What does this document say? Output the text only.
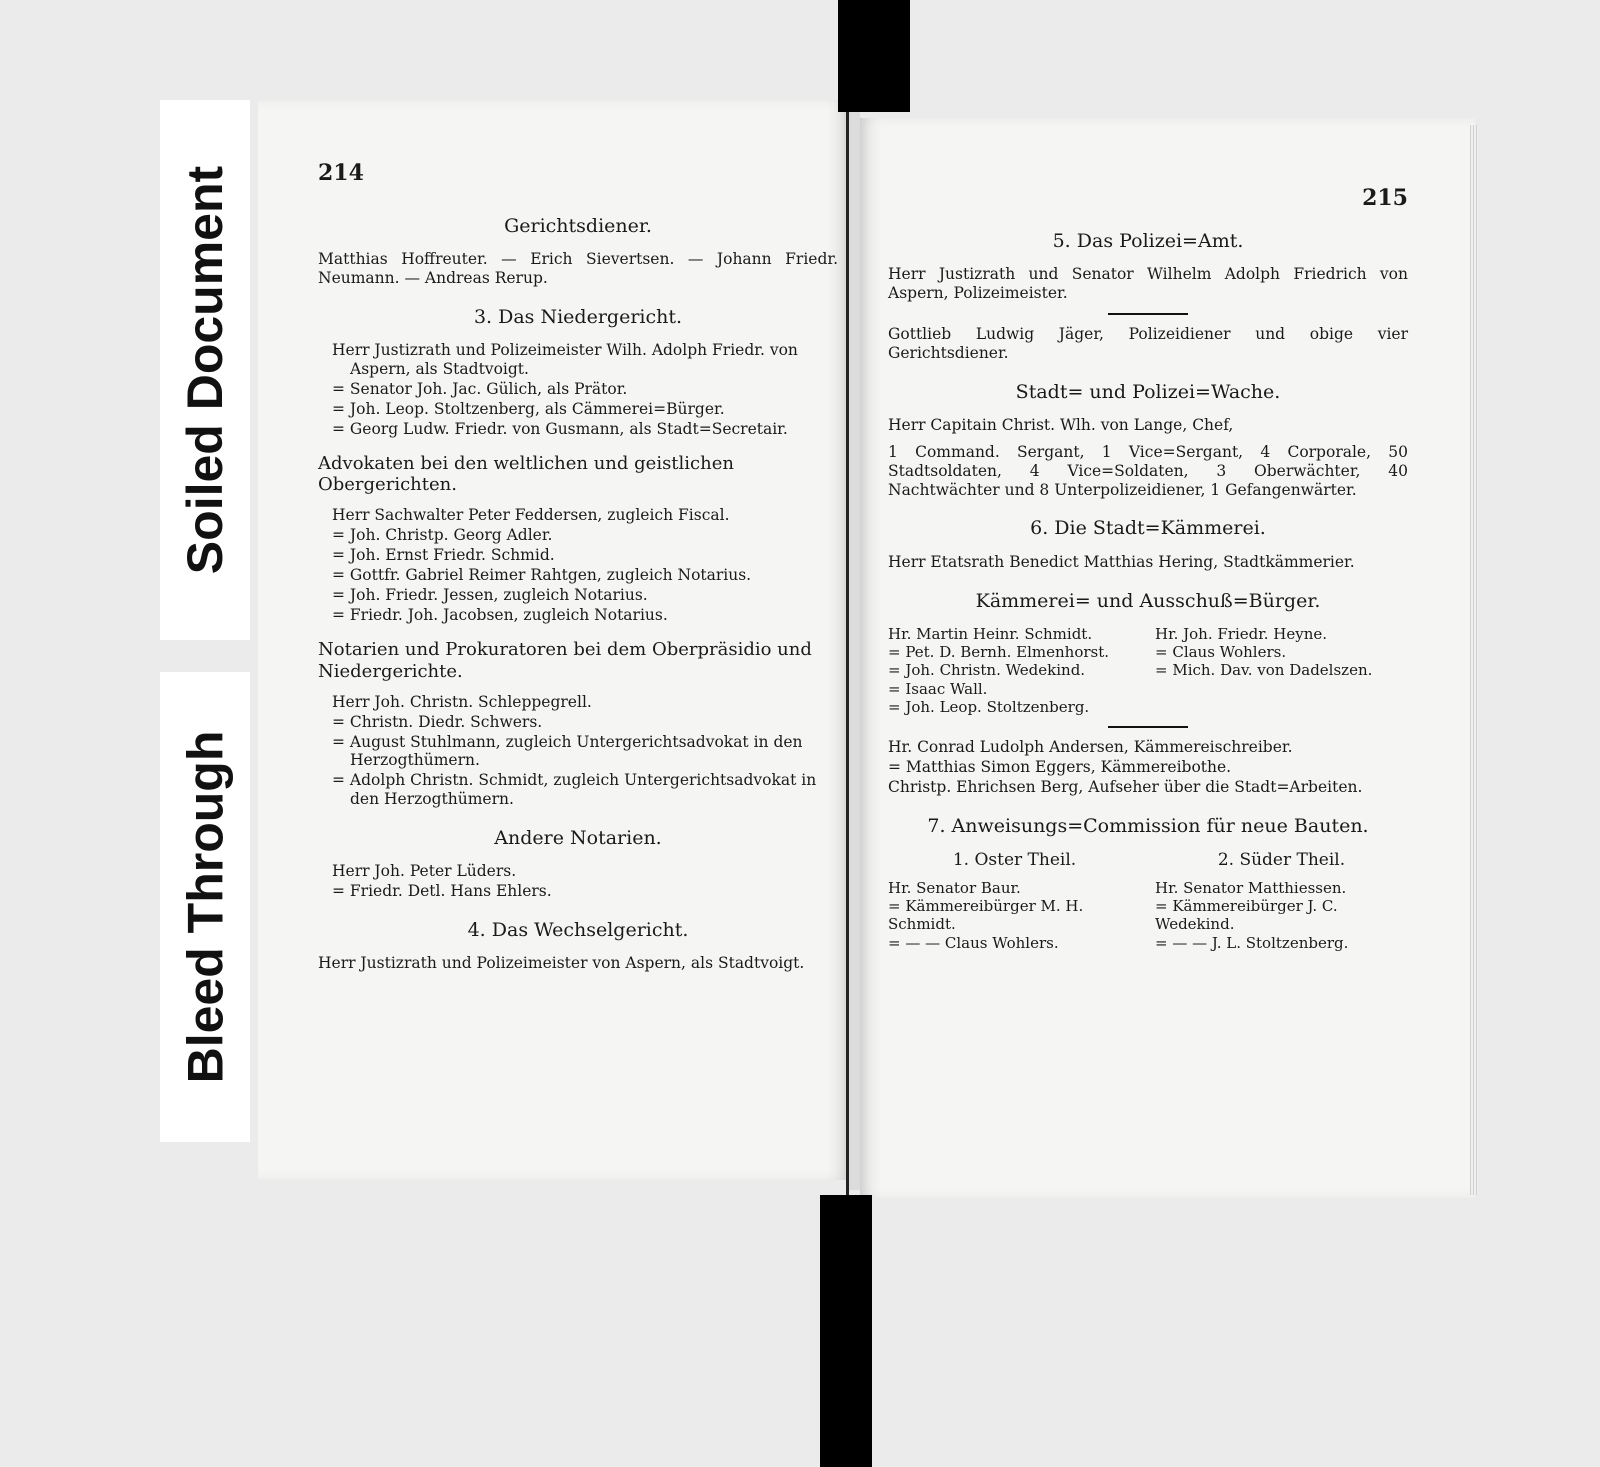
Soiled Document
Bleed Through
214
Gerichtsdiener.

Matthias Hoffreuter. — Erich Sievertsen. — Johann Friedr. Neumann. — Andreas Rerup.

3. Das Niedergericht.
Herr Justizrath und Polizeimeister Wilh. Adolph Friedr. von Aspern, als Stadtvoigt.
= Senator Joh. Jac. Gülich, als Prätor.
= Joh. Leop. Stoltzenberg, als Cämmerei=Bürger.
= Georg Ludw. Friedr. von Gusmann, als Stadt=Secretair.
Advokaten bei den weltlichen und geistlichen Obergerichten.
Herr Sachwalter Peter Feddersen, zugleich Fiscal.
= Joh. Christp. Georg Adler.
= Joh. Ernst Friedr. Schmid.
= Gottfr. Gabriel Reimer Rahtgen, zugleich Notarius.
= Joh. Friedr. Jessen, zugleich Notarius.
= Friedr. Joh. Jacobsen, zugleich Notarius.
Notarien und Prokuratoren bei dem Oberpräsidio und Niedergerichte.
Herr Joh. Christn. Schleppegrell.
= Christn. Diedr. Schwers.
= August Stuhlmann, zugleich Untergerichtsadvokat in den Herzogthümern.
= Adolph Christn. Schmidt, zugleich Untergerichtsadvokat in den Herzogthümern.
Andere Notarien.
Herr Joh. Peter Lüders.
= Friedr. Detl. Hans Ehlers.
4. Das Wechselgericht.

Herr Justizrath und Polizeimeister von Aspern, als Stadtvoigt.

215
5. Das Polizei=Amt.

Herr Justizrath und Senator Wilhelm Adolph Friedrich von Aspern, Polizeimeister.

Gottlieb Ludwig Jäger, Polizeidiener und obige vier Gerichtsdiener.

Stadt= und Polizei=Wache.

Herr Capitain Christ. Wlh. von Lange, Chef,

1 Command. Sergant, 1 Vice=Sergant, 4 Corporale, 50 Stadtsoldaten, 4 Vice=Soldaten, 3 Oberwächter, 40 Nachtwächter und 8 Unterpolizeidiener, 1 Gefangenwärter.

6. Die Stadt=Kämmerei.

Herr Etatsrath Benedict Matthias Hering, Stadtkämmerier.

Kämmerei= und Ausschuß=Bürger.
Hr. Martin Heinr. Schmidt.
= Pet. D. Bernh. Elmenhorst.
= Joh. Christn. Wedekind.
= Isaac Wall.
= Joh. Leop. Stoltzenberg.
Hr. Joh. Friedr. Heyne.
= Claus Wohlers.
= Mich. Dav. von Dadelszen.
Hr. Conrad Ludolph Andersen, Kämmereischreiber.
= Matthias Simon Eggers, Kämmereibothe.
Christp. Ehrichsen Berg, Aufseher über die Stadt=Arbeiten.
7. Anweisungs=Commission für neue Bauten.
1. Oster Theil.
Hr. Senator Baur.
= Kämmereibürger M. H. Schmidt.
= — — Claus Wohlers.
2. Süder Theil.
Hr. Senator Matthiessen.
= Kämmereibürger J. C. Wedekind.
= — — J. L. Stoltzenberg.
